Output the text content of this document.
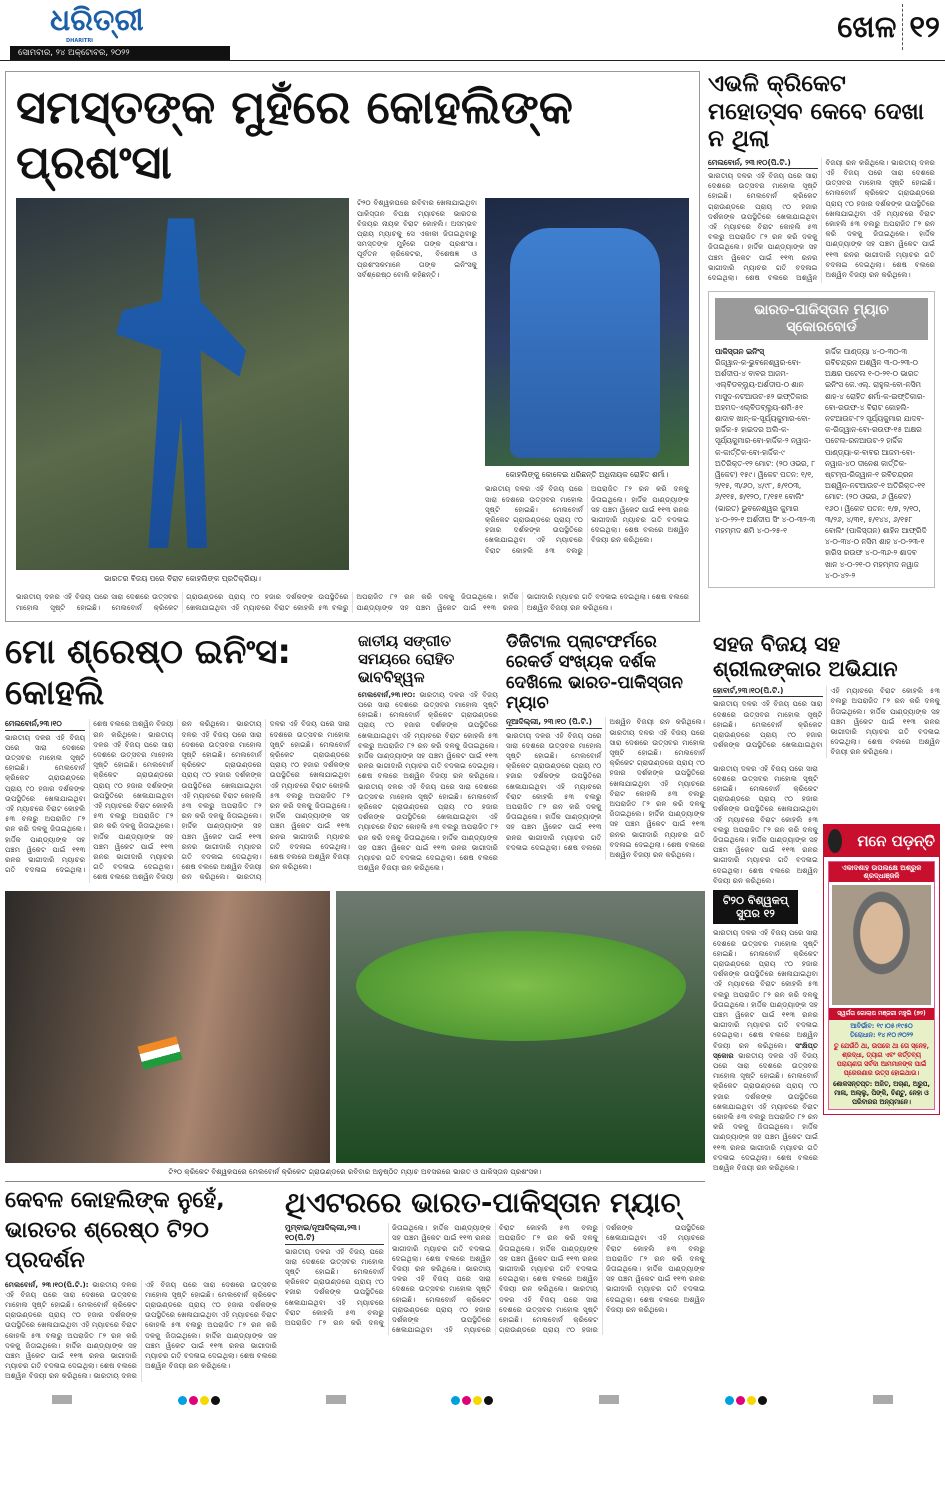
ଧରିତ୍ରୀ
DHARITRI
ସୋମବାର, ୨୪ ଅକ୍ଟୋବର, ୨୦୨୨
ଖେଳ ୧୨
ସମସ୍ତଙ୍କ ମୁହଁରେ କୋହଲିଙ୍କ ପ୍ରଶଂସା
ଭାରତର ବିଜୟ ପରେ ବିରାଟ କୋହଲିଙ୍କ ପ୍ରତିକ୍ରିୟା।
ଟି୨୦ ବିଶ୍ୱକପରେ ରବିବାର ଖେଳାଯାଇଥିବା ପାକିସ୍ତାନ ବିପକ୍ଷ ମ୍ୟାଚରେ ଭାରତର ବିଜୟର ନାୟକ ବିରାଟ କୋହଲି। ଅସମ୍ଭବ ପ୍ରାୟ ମ୍ୟାଚକୁ ସେ ଏକାକୀ ଜିତାଇଥିବାରୁ ସମସ୍ତଙ୍କ ମୁହଁରେ ତାଙ୍କ ପ୍ରଶଂସା। ପୂର୍ବତନ କ୍ରିକେଟର, ବିଶେଷଜ୍ଞ ଓ ପ୍ରଶଂସକମାନେ ତାଙ୍କ ଇନିଂସକୁ ସର୍ବଶ୍ରେଷ୍ଠ ବୋଲି କହିଛନ୍ତି।
କୋହଲିଙ୍କୁ କୋଳେଇ ଧରିଛନ୍ତି ଅଧିନାୟକ ରୋହିତ ଶର୍ମା।
ଭାରତୀୟ ଦଳର ଏହି ବିଜୟ ପରେ ସାରା ଦେଶରେ ଉତ୍ସବର ମାହୋଲ ସୃଷ୍ଟି ହୋଇଛି। ମେଲବୋର୍ନ କ୍ରିକେଟ ଗ୍ରାଉଣ୍ଡରେ ପ୍ରାୟ ୯୦ ହଜାର ଦର୍ଶକଙ୍କ ଉପସ୍ଥିତିରେ ଖେଳାଯାଇଥିବା ଏହି ମ୍ୟାଚରେ ବିରାଟ କୋହଲି ୫୩ ବଲରୁ ଅପରାଜିତ ୮୨ ରନ କରି ଦଳକୁ ଜିତାଇଥିଲେ। ହାର୍ଦ୍ଦିକ ପାଣ୍ଡ୍ୟାଙ୍କ ସହ ପଞ୍ଚମ ୱିକେଟ ପାଇଁ ୧୧୩ ରନର ଭାଗୀଦାରି ମ୍ୟାଚର ଗତି ବଦଳାଇ ଦେଇଥିଲା। ଶେଷ ବଲରେ ଅଶ୍ୱିନ ବିଜୟୀ ରନ କରିଥିଲେ।
ଭାରତୀୟ ଦଳର ଏହି ବିଜୟ ପରେ ସାରା ଦେଶରେ ଉତ୍ସବର ମାହୋଲ ସୃଷ୍ଟି ହୋଇଛି। ମେଲବୋର୍ନ କ୍ରିକେଟ ଗ୍ରାଉଣ୍ଡରେ ପ୍ରାୟ ୯୦ ହଜାର ଦର୍ଶକଙ୍କ ଉପସ୍ଥିତିରେ ଖେଳାଯାଇଥିବା ଏହି ମ୍ୟାଚରେ ବିରାଟ କୋହଲି ୫୩ ବଲରୁ ଅପରାଜିତ ୮୨ ରନ କରି ଦଳକୁ ଜିତାଇଥିଲେ। ହାର୍ଦ୍ଦିକ ପାଣ୍ଡ୍ୟାଙ୍କ ସହ ପଞ୍ଚମ ୱିକେଟ ପାଇଁ ୧୧୩ ରନର ଭାଗୀଦାରି ମ୍ୟାଚର ଗତି ବଦଳାଇ ଦେଇଥିଲା। ଶେଷ ବଲରେ ଅଶ୍ୱିନ ବିଜୟୀ ରନ କରିଥିଲେ।
ଏଭଳି କ୍ରିକେଟ ମହୋତ୍ସବ କେବେ ଦେଖା ନ ଥିଲା
ମେଲବୋର୍ନ, ୨୩।୧୦(ପି.ଟି.)
ଭାରତୀୟ ଦଳର ଏହି ବିଜୟ ପରେ ସାରା ଦେଶରେ ଉତ୍ସବର ମାହୋଲ ସୃଷ୍ଟି ହୋଇଛି। ମେଲବୋର୍ନ କ୍ରିକେଟ ଗ୍ରାଉଣ୍ଡରେ ପ୍ରାୟ ୯୦ ହଜାର ଦର୍ଶକଙ୍କ ଉପସ୍ଥିତିରେ ଖେଳାଯାଇଥିବା ଏହି ମ୍ୟାଚରେ ବିରାଟ କୋହଲି ୫୩ ବଲରୁ ଅପରାଜିତ ୮୨ ରନ କରି ଦଳକୁ ଜିତାଇଥିଲେ। ହାର୍ଦ୍ଦିକ ପାଣ୍ଡ୍ୟାଙ୍କ ସହ ପଞ୍ଚମ ୱିକେଟ ପାଇଁ ୧୧୩ ରନର ଭାଗୀଦାରି ମ୍ୟାଚର ଗତି ବଦଳାଇ ଦେଇଥିଲା। ଶେଷ ବଲରେ ଅଶ୍ୱିନ ବିଜୟୀ ରନ କରିଥିଲେ। ଭାରତୀୟ ଦଳର ଏହି ବିଜୟ ପରେ ସାରା ଦେଶରେ ଉତ୍ସବର ମାହୋଲ ସୃଷ୍ଟି ହୋଇଛି। ମେଲବୋର୍ନ କ୍ରିକେଟ ଗ୍ରାଉଣ୍ଡରେ ପ୍ରାୟ ୯୦ ହଜାର ଦର୍ଶକଙ୍କ ଉପସ୍ଥିତିରେ ଖେଳାଯାଇଥିବା ଏହି ମ୍ୟାଚରେ ବିରାଟ କୋହଲି ୫୩ ବଲରୁ ଅପରାଜିତ ୮୨ ରନ କରି ଦଳକୁ ଜିତାଇଥିଲେ। ହାର୍ଦ୍ଦିକ ପାଣ୍ଡ୍ୟାଙ୍କ ସହ ପଞ୍ଚମ ୱିକେଟ ପାଇଁ ୧୧୩ ରନର ଭାଗୀଦାରି ମ୍ୟାଚର ଗତି ବଦଳାଇ ଦେଇଥିଲା। ଶେଷ ବଲରେ ଅଶ୍ୱିନ ବିଜୟୀ ରନ କରିଥିଲେ।
ଭାରତ-ପାକିସ୍ତାନ ମ୍ୟାଚ ସ୍କୋରବୋର୍ଡ
ପାକିସ୍ତାନ ଇନିଂସ୍
ରିଜ୍ୱାନ-କ-ଭୁବନେଶ୍ୱର-ବୋ-ଅର୍ଶଦୀପ-୪ ବାବର ଆଜମ-ଏଲ୍‌ବିଡବ୍ଲ୍ୟୁ-ଅର୍ଶଦୀପ-୦ ଶାନ ମାସୁଦ-ନଟଆଉଟ-୫୨ ଇଫ୍ତିକାର ଅହମଦ-ଏଲ୍‌ବିଡବ୍ଲ୍ୟୁ-ଶମି-୫୧ ଶାଦାବ ଖାନ୍-କ-ସୂର୍ଯ୍ୟକୁମାର-ବୋ-ହାର୍ଦ୍ଦିକ-୫ ହାଇଦର ଅଲି-କ-ସୂର୍ଯ୍ୟକୁମାର-ବୋ-ହାର୍ଦ୍ଦିକ-୨ ନୱାଜ-କ-କାର୍ତ୍ତିକ-ବୋ-ହାର୍ଦ୍ଦିକ-୯ ଅତିରିକ୍ତ-୧୨ ମୋଟ: (୨୦ ଓଭର, ୮ ୱିକେଟ) ୧୫୯। ୱିକେଟ ପତନ: ୧/୧, ୨/୧୫, ୩/୬୦, ୪/୯୮, ୫/୧୦୩, ୬/୧୧୫, ୭/୧୨୦, ୮/୧୫୧ ବୋଲିଂ (ଭାରତ) ଭୁବନେଶ୍ୱର କୁମାର ୪-୦-୨୨-୧ ଅର୍ଶଦୀପ ସିଂ ୪-୦-୩୨-୩ ମହମ୍ମଦ ଶମି ୪-୦-୨୫-୧
ହାର୍ଦ୍ଦିକ ପାଣ୍ଡ୍ୟା ୪-୦-୩୦-୩ ରବିଚନ୍ଦ୍ରନ ଅଶ୍ୱିନ ୩-୦-୨୩-୦ ଅକ୍ଷର ପଟେଲ ୧-୦-୨୧-୦ ଭାରତ ଇନିଂସ କେ.ଏଲ୍. ରାହୁଲ-ବୋ-ନସିମ ଶାହ-୪ ରୋହିତ ଶର୍ମା-କ-ଇଫ୍ତିକାର-ବୋ-ରଉଫ-୪ ବିରାଟ କୋହଲି-ନଟଆଉଟ-୮୨ ସୂର୍ଯ୍ୟକୁମାର ଯାଦବ-କ-ରିଜ୍ୱାନ-ବୋ-ରଉଫ-୧୫ ଅକ୍ଷର ପଟେଲ-ରନଆଉଟ-୨ ହାର୍ଦ୍ଦିକ ପାଣ୍ଡ୍ୟା-କ-ବାବର ଆଜମ-ବୋ-ନୱାଜ-୪୦ ଦୀନେଶ କାର୍ତ୍ତିକ-ଷ୍ଟମ୍ପ-ରିଜ୍ୱାନ-୧ ରବିଚନ୍ଦ୍ରନ ଅଶ୍ୱିନ-ନଟଆଉଟ-୧ ଅତିରିକ୍ତ-୧୧ ମୋଟ: (୨୦ ଓଭର, ୬ ୱିକେଟ) ୧୬୦। ୱିକେଟ ପତନ: ୧/୭, ୨/୧୦, ୩/୨୬, ୪/୩୧, ୫/୧୪୪, ୬/୧୫୮ ବୋଲିଂ (ପାକିସ୍ତାନ) ଶାହିନ ଆଫ୍ରିଦି ୪-୦-୩୪-୦ ନସିମ ଶାହ ୪-୦-୨୩-୧ ହାରିସ ରଉଫ ୪-୦-୩୬-୨ ଶାଦବ ଖାନ ୪-୦-୨୧-୦ ମହମ୍ମଦ ନୱାଜ ୪-୦-୪୨-୨
ମୋ ଶ୍ରେଷ୍ଠ ଇନିଂସ: କୋହଲି
ମେଲବୋର୍ନ,୨୩।୧୦
ଭାରତୀୟ ଦଳର ଏହି ବିଜୟ ପରେ ସାରା ଦେଶରେ ଉତ୍ସବର ମାହୋଲ ସୃଷ୍ଟି ହୋଇଛି। ମେଲବୋର୍ନ କ୍ରିକେଟ ଗ୍ରାଉଣ୍ଡରେ ପ୍ରାୟ ୯୦ ହଜାର ଦର୍ଶକଙ୍କ ଉପସ୍ଥିତିରେ ଖେଳାଯାଇଥିବା ଏହି ମ୍ୟାଚରେ ବିରାଟ କୋହଲି ୫୩ ବଲରୁ ଅପରାଜିତ ୮୨ ରନ କରି ଦଳକୁ ଜିତାଇଥିଲେ। ହାର୍ଦ୍ଦିକ ପାଣ୍ଡ୍ୟାଙ୍କ ସହ ପଞ୍ଚମ ୱିକେଟ ପାଇଁ ୧୧୩ ରନର ଭାଗୀଦାରି ମ୍ୟାଚର ଗତି ବଦଳାଇ ଦେଇଥିଲା। ଶେଷ ବଲରେ ଅଶ୍ୱିନ ବିଜୟୀ ରନ କରିଥିଲେ। ଭାରତୀୟ ଦଳର ଏହି ବିଜୟ ପରେ ସାରା ଦେଶରେ ଉତ୍ସବର ମାହୋଲ ସୃଷ୍ଟି ହୋଇଛି। ମେଲବୋର୍ନ କ୍ରିକେଟ ଗ୍ରାଉଣ୍ଡରେ ପ୍ରାୟ ୯୦ ହଜାର ଦର୍ଶକଙ୍କ ଉପସ୍ଥିତିରେ ଖେଳାଯାଇଥିବା ଏହି ମ୍ୟାଚରେ ବିରାଟ କୋହଲି ୫୩ ବଲରୁ ଅପରାଜିତ ୮୨ ରନ କରି ଦଳକୁ ଜିତାଇଥିଲେ। ହାର୍ଦ୍ଦିକ ପାଣ୍ଡ୍ୟାଙ୍କ ସହ ପଞ୍ଚମ ୱିକେଟ ପାଇଁ ୧୧୩ ରନର ଭାଗୀଦାରି ମ୍ୟାଚର ଗତି ବଦଳାଇ ଦେଇଥିଲା। ଶେଷ ବଲରେ ଅଶ୍ୱିନ ବିଜୟୀ ରନ କରିଥିଲେ। ଭାରତୀୟ ଦଳର ଏହି ବିଜୟ ପରେ ସାରା ଦେଶରେ ଉତ୍ସବର ମାହୋଲ ସୃଷ୍ଟି ହୋଇଛି। ମେଲବୋର୍ନ କ୍ରିକେଟ ଗ୍ରାଉଣ୍ଡରେ ପ୍ରାୟ ୯୦ ହଜାର ଦର୍ଶକଙ୍କ ଉପସ୍ଥିତିରେ ଖେଳାଯାଇଥିବା ଏହି ମ୍ୟାଚରେ ବିରାଟ କୋହଲି ୫୩ ବଲରୁ ଅପରାଜିତ ୮୨ ରନ କରି ଦଳକୁ ଜିତାଇଥିଲେ। ହାର୍ଦ୍ଦିକ ପାଣ୍ଡ୍ୟାଙ୍କ ସହ ପଞ୍ଚମ ୱିକେଟ ପାଇଁ ୧୧୩ ରନର ଭାଗୀଦାରି ମ୍ୟାଚର ଗତି ବଦଳାଇ ଦେଇଥିଲା। ଶେଷ ବଲରେ ଅଶ୍ୱିନ ବିଜୟୀ ରନ କରିଥିଲେ। ଭାରତୀୟ ଦଳର ଏହି ବିଜୟ ପରେ ସାରା ଦେଶରେ ଉତ୍ସବର ମାହୋଲ ସୃଷ୍ଟି ହୋଇଛି। ମେଲବୋର୍ନ କ୍ରିକେଟ ଗ୍ରାଉଣ୍ଡରେ ପ୍ରାୟ ୯୦ ହଜାର ଦର୍ଶକଙ୍କ ଉପସ୍ଥିତିରେ ଖେଳାଯାଇଥିବା ଏହି ମ୍ୟାଚରେ ବିରାଟ କୋହଲି ୫୩ ବଲରୁ ଅପରାଜିତ ୮୨ ରନ କରି ଦଳକୁ ଜିତାଇଥିଲେ। ହାର୍ଦ୍ଦିକ ପାଣ୍ଡ୍ୟାଙ୍କ ସହ ପଞ୍ଚମ ୱିକେଟ ପାଇଁ ୧୧୩ ରନର ଭାଗୀଦାରି ମ୍ୟାଚର ଗତି ବଦଳାଇ ଦେଇଥିଲା। ଶେଷ ବଲରେ ଅଶ୍ୱିନ ବିଜୟୀ ରନ କରିଥିଲେ।
ଜାତୀୟ ସଙ୍ଗୀତ ସମୟରେ ରୋହିତ ଭାବବିହ୍ୱଳ
ମେଲବୋର୍ନ,୨୩।୧୦: ଭାରତୀୟ ଦଳର ଏହି ବିଜୟ ପରେ ସାରା ଦେଶରେ ଉତ୍ସବର ମାହୋଲ ସୃଷ୍ଟି ହୋଇଛି। ମେଲବୋର୍ନ କ୍ରିକେଟ ଗ୍ରାଉଣ୍ଡରେ ପ୍ରାୟ ୯୦ ହଜାର ଦର୍ଶକଙ୍କ ଉପସ୍ଥିତିରେ ଖେଳାଯାଇଥିବା ଏହି ମ୍ୟାଚରେ ବିରାଟ କୋହଲି ୫୩ ବଲରୁ ଅପରାଜିତ ୮୨ ରନ କରି ଦଳକୁ ଜିତାଇଥିଲେ। ହାର୍ଦ୍ଦିକ ପାଣ୍ଡ୍ୟାଙ୍କ ସହ ପଞ୍ଚମ ୱିକେଟ ପାଇଁ ୧୧୩ ରନର ଭାଗୀଦାରି ମ୍ୟାଚର ଗତି ବଦଳାଇ ଦେଇଥିଲା। ଶେଷ ବଲରେ ଅଶ୍ୱିନ ବିଜୟୀ ରନ କରିଥିଲେ। ଭାରତୀୟ ଦଳର ଏହି ବିଜୟ ପରେ ସାରା ଦେଶରେ ଉତ୍ସବର ମାହୋଲ ସୃଷ୍ଟି ହୋଇଛି। ମେଲବୋର୍ନ କ୍ରିକେଟ ଗ୍ରାଉଣ୍ଡରେ ପ୍ରାୟ ୯୦ ହଜାର ଦର୍ଶକଙ୍କ ଉପସ୍ଥିତିରେ ଖେଳାଯାଇଥିବା ଏହି ମ୍ୟାଚରେ ବିରାଟ କୋହଲି ୫୩ ବଲରୁ ଅପରାଜିତ ୮୨ ରନ କରି ଦଳକୁ ଜିତାଇଥିଲେ। ହାର୍ଦ୍ଦିକ ପାଣ୍ଡ୍ୟାଙ୍କ ସହ ପଞ୍ଚମ ୱିକେଟ ପାଇଁ ୧୧୩ ରନର ଭାଗୀଦାରି ମ୍ୟାଚର ଗତି ବଦଳାଇ ଦେଇଥିଲା। ଶେଷ ବଲରେ ଅଶ୍ୱିନ ବିଜୟୀ ରନ କରିଥିଲେ।
ଡିଜିଟାଲ ପ୍ଲାଟଫର୍ମରେ ରେକର୍ଡ ସଂଖ୍ୟକ ଦର୍ଶକ ଦେଖିଲେ ଭାରତ-ପାକିସ୍ତାନ ମ୍ୟାଚ
ନୂଆଦିଲ୍ଲୀ, ୨୩।୧୦ (ପି.ଟି.)
ଭାରତୀୟ ଦଳର ଏହି ବିଜୟ ପରେ ସାରା ଦେଶରେ ଉତ୍ସବର ମାହୋଲ ସୃଷ୍ଟି ହୋଇଛି। ମେଲବୋର୍ନ କ୍ରିକେଟ ଗ୍ରାଉଣ୍ଡରେ ପ୍ରାୟ ୯୦ ହଜାର ଦର୍ଶକଙ୍କ ଉପସ୍ଥିତିରେ ଖେଳାଯାଇଥିବା ଏହି ମ୍ୟାଚରେ ବିରାଟ କୋହଲି ୫୩ ବଲରୁ ଅପରାଜିତ ୮୨ ରନ କରି ଦଳକୁ ଜିତାଇଥିଲେ। ହାର୍ଦ୍ଦିକ ପାଣ୍ଡ୍ୟାଙ୍କ ସହ ପଞ୍ଚମ ୱିକେଟ ପାଇଁ ୧୧୩ ରନର ଭାଗୀଦାରି ମ୍ୟାଚର ଗତି ବଦଳାଇ ଦେଇଥିଲା। ଶେଷ ବଲରେ ଅଶ୍ୱିନ ବିଜୟୀ ରନ କରିଥିଲେ। ଭାରତୀୟ ଦଳର ଏହି ବିଜୟ ପରେ ସାରା ଦେଶରେ ଉତ୍ସବର ମାହୋଲ ସୃଷ୍ଟି ହୋଇଛି। ମେଲବୋର୍ନ କ୍ରିକେଟ ଗ୍ରାଉଣ୍ଡରେ ପ୍ରାୟ ୯୦ ହଜାର ଦର୍ଶକଙ୍କ ଉପସ୍ଥିତିରେ ଖେଳାଯାଇଥିବା ଏହି ମ୍ୟାଚରେ ବିରାଟ କୋହଲି ୫୩ ବଲରୁ ଅପରାଜିତ ୮୨ ରନ କରି ଦଳକୁ ଜିତାଇଥିଲେ। ହାର୍ଦ୍ଦିକ ପାଣ୍ଡ୍ୟାଙ୍କ ସହ ପଞ୍ଚମ ୱିକେଟ ପାଇଁ ୧୧୩ ରନର ଭାଗୀଦାରି ମ୍ୟାଚର ଗତି ବଦଳାଇ ଦେଇଥିଲା। ଶେଷ ବଲରେ ଅଶ୍ୱିନ ବିଜୟୀ ରନ କରିଥିଲେ।
ଟି୨୦ କ୍ରିକେଟ ବିଶ୍ୱକପରେ ମେଲବୋର୍ନ କ୍ରିକେଟ ଗ୍ରାଉଣ୍ଡରେ ରବିବାର ଅନୁଷ୍ଠିତ ମ୍ୟାଚ ଅବସରରେ ଭାରତ ଓ ପାକିସ୍ତାନ ପ୍ରଶଂସକ।
କେବଳ କୋହଲିଙ୍କ ନୁହେଁ, ଭାରତର ଶ୍ରେଷ୍ଠ ଟି୨୦ ପ୍ରଦର୍ଶନ
ମେଲବୋର୍ନ, ୨୩।୧୦(ପି.ଟି.): ଭାରତୀୟ ଦଳର ଏହି ବିଜୟ ପରେ ସାରା ଦେଶରେ ଉତ୍ସବର ମାହୋଲ ସୃଷ୍ଟି ହୋଇଛି। ମେଲବୋର୍ନ କ୍ରିକେଟ ଗ୍ରାଉଣ୍ଡରେ ପ୍ରାୟ ୯୦ ହଜାର ଦର୍ଶକଙ୍କ ଉପସ୍ଥିତିରେ ଖେଳାଯାଇଥିବା ଏହି ମ୍ୟାଚରେ ବିରାଟ କୋହଲି ୫୩ ବଲରୁ ଅପରାଜିତ ୮୨ ରନ କରି ଦଳକୁ ଜିତାଇଥିଲେ। ହାର୍ଦ୍ଦିକ ପାଣ୍ଡ୍ୟାଙ୍କ ସହ ପଞ୍ଚମ ୱିକେଟ ପାଇଁ ୧୧୩ ରନର ଭାଗୀଦାରି ମ୍ୟାଚର ଗତି ବଦଳାଇ ଦେଇଥିଲା। ଶେଷ ବଲରେ ଅଶ୍ୱିନ ବିଜୟୀ ରନ କରିଥିଲେ। ଭାରତୀୟ ଦଳର ଏହି ବିଜୟ ପରେ ସାରା ଦେଶରେ ଉତ୍ସବର ମାହୋଲ ସୃଷ୍ଟି ହୋଇଛି। ମେଲବୋର୍ନ କ୍ରିକେଟ ଗ୍ରାଉଣ୍ଡରେ ପ୍ରାୟ ୯୦ ହଜାର ଦର୍ଶକଙ୍କ ଉପସ୍ଥିତିରେ ଖେଳାଯାଇଥିବା ଏହି ମ୍ୟାଚରେ ବିରାଟ କୋହଲି ୫୩ ବଲରୁ ଅପରାଜିତ ୮୨ ରନ କରି ଦଳକୁ ଜିତାଇଥିଲେ। ହାର୍ଦ୍ଦିକ ପାଣ୍ଡ୍ୟାଙ୍କ ସହ ପଞ୍ଚମ ୱିକେଟ ପାଇଁ ୧୧୩ ରନର ଭାଗୀଦାରି ମ୍ୟାଚର ଗତି ବଦଳାଇ ଦେଇଥିଲା। ଶେଷ ବଲରେ ଅଶ୍ୱିନ ବିଜୟୀ ରନ କରିଥିଲେ।
ଥିଏଟରରେ ଭାରତ-ପାକିସ୍ତାନ ମ୍ୟାଚ୍
ମୁମ୍ବାଇ/ନୂଆଦିଲ୍ଲୀ,୨୩।୧୦(ପି.ଟି)
ଭାରତୀୟ ଦଳର ଏହି ବିଜୟ ପରେ ସାରା ଦେଶରେ ଉତ୍ସବର ମାହୋଲ ସୃଷ୍ଟି ହୋଇଛି। ମେଲବୋର୍ନ କ୍ରିକେଟ ଗ୍ରାଉଣ୍ଡରେ ପ୍ରାୟ ୯୦ ହଜାର ଦର୍ଶକଙ୍କ ଉପସ୍ଥିତିରେ ଖେଳାଯାଇଥିବା ଏହି ମ୍ୟାଚରେ ବିରାଟ କୋହଲି ୫୩ ବଲରୁ ଅପରାଜିତ ୮୨ ରନ କରି ଦଳକୁ ଜିତାଇଥିଲେ। ହାର୍ଦ୍ଦିକ ପାଣ୍ଡ୍ୟାଙ୍କ ସହ ପଞ୍ଚମ ୱିକେଟ ପାଇଁ ୧୧୩ ରନର ଭାଗୀଦାରି ମ୍ୟାଚର ଗତି ବଦଳାଇ ଦେଇଥିଲା। ଶେଷ ବଲରେ ଅଶ୍ୱିନ ବିଜୟୀ ରନ କରିଥିଲେ। ଭାରତୀୟ ଦଳର ଏହି ବିଜୟ ପରେ ସାରା ଦେଶରେ ଉତ୍ସବର ମାହୋଲ ସୃଷ୍ଟି ହୋଇଛି। ମେଲବୋର୍ନ କ୍ରିକେଟ ଗ୍ରାଉଣ୍ଡରେ ପ୍ରାୟ ୯୦ ହଜାର ଦର୍ଶକଙ୍କ ଉପସ୍ଥିତିରେ ଖେଳାଯାଇଥିବା ଏହି ମ୍ୟାଚରେ ବିରାଟ କୋହଲି ୫୩ ବଲରୁ ଅପରାଜିତ ୮୨ ରନ କରି ଦଳକୁ ଜିତାଇଥିଲେ। ହାର୍ଦ୍ଦିକ ପାଣ୍ଡ୍ୟାଙ୍କ ସହ ପଞ୍ଚମ ୱିକେଟ ପାଇଁ ୧୧୩ ରନର ଭାଗୀଦାରି ମ୍ୟାଚର ଗତି ବଦଳାଇ ଦେଇଥିଲା। ଶେଷ ବଲରେ ଅଶ୍ୱିନ ବିଜୟୀ ରନ କରିଥିଲେ। ଭାରତୀୟ ଦଳର ଏହି ବିଜୟ ପରେ ସାରା ଦେଶରେ ଉତ୍ସବର ମାହୋଲ ସୃଷ୍ଟି ହୋଇଛି। ମେଲବୋର୍ନ କ୍ରିକେଟ ଗ୍ରାଉଣ୍ଡରେ ପ୍ରାୟ ୯୦ ହଜାର ଦର୍ଶକଙ୍କ ଉପସ୍ଥିତିରେ ଖେଳାଯାଇଥିବା ଏହି ମ୍ୟାଚରେ ବିରାଟ କୋହଲି ୫୩ ବଲରୁ ଅପରାଜିତ ୮୨ ରନ କରି ଦଳକୁ ଜିତାଇଥିଲେ। ହାର୍ଦ୍ଦିକ ପାଣ୍ଡ୍ୟାଙ୍କ ସହ ପଞ୍ଚମ ୱିକେଟ ପାଇଁ ୧୧୩ ରନର ଭାଗୀଦାରି ମ୍ୟାଚର ଗତି ବଦଳାଇ ଦେଇଥିଲା। ଶେଷ ବଲରେ ଅଶ୍ୱିନ ବିଜୟୀ ରନ କରିଥିଲେ।
ସହଜ ବିଜୟ ସହ ଶ୍ରୀଲଙ୍କାର ଅଭିଯାନ
ହୋବାର୍ଟ,୨୩।୧୦(ପି.ଟି.)
ଭାରତୀୟ ଦଳର ଏହି ବିଜୟ ପରେ ସାରା ଦେଶରେ ଉତ୍ସବର ମାହୋଲ ସୃଷ୍ଟି ହୋଇଛି। ମେଲବୋର୍ନ କ୍ରିକେଟ ଗ୍ରାଉଣ୍ଡରେ ପ୍ରାୟ ୯୦ ହଜାର ଦର୍ଶକଙ୍କ ଉପସ୍ଥିତିରେ ଖେଳାଯାଇଥିବା ଏହି ମ୍ୟାଚରେ ବିରାଟ କୋହଲି ୫୩ ବଲରୁ ଅପରାଜିତ ୮୨ ରନ କରି ଦଳକୁ ଜିତାଇଥିଲେ। ହାର୍ଦ୍ଦିକ ପାଣ୍ଡ୍ୟାଙ୍କ ସହ ପଞ୍ଚମ ୱିକେଟ ପାଇଁ ୧୧୩ ରନର ଭାଗୀଦାରି ମ୍ୟାଚର ଗତି ବଦଳାଇ ଦେଇଥିଲା। ଶେଷ ବଲରେ ଅଶ୍ୱିନ ବିଜୟୀ ରନ କରିଥିଲେ।
ଭାରତୀୟ ଦଳର ଏହି ବିଜୟ ପରେ ସାରା ଦେଶରେ ଉତ୍ସବର ମାହୋଲ ସୃଷ୍ଟି ହୋଇଛି। ମେଲବୋର୍ନ କ୍ରିକେଟ ଗ୍ରାଉଣ୍ଡରେ ପ୍ରାୟ ୯୦ ହଜାର ଦର୍ଶକଙ୍କ ଉପସ୍ଥିତିରେ ଖେଳାଯାଇଥିବା ଏହି ମ୍ୟାଚରେ ବିରାଟ କୋହଲି ୫୩ ବଲରୁ ଅପରାଜିତ ୮୨ ରନ କରି ଦଳକୁ ଜିତାଇଥିଲେ। ହାର୍ଦ୍ଦିକ ପାଣ୍ଡ୍ୟାଙ୍କ ସହ ପଞ୍ଚମ ୱିକେଟ ପାଇଁ ୧୧୩ ରନର ଭାଗୀଦାରି ମ୍ୟାଚର ଗତି ବଦଳାଇ ଦେଇଥିଲା। ଶେଷ ବଲରେ ଅଶ୍ୱିନ ବିଜୟୀ ରନ କରିଥିଲେ।
ଟି୨୦ ବିଶ୍ୱକପ୍ ସୁପର ୧୨
ଭାରତୀୟ ଦଳର ଏହି ବିଜୟ ପରେ ସାରା ଦେଶରେ ଉତ୍ସବର ମାହୋଲ ସୃଷ୍ଟି ହୋଇଛି। ମେଲବୋର୍ନ କ୍ରିକେଟ ଗ୍ରାଉଣ୍ଡରେ ପ୍ରାୟ ୯୦ ହଜାର ଦର୍ଶକଙ୍କ ଉପସ୍ଥିତିରେ ଖେଳାଯାଇଥିବା ଏହି ମ୍ୟାଚରେ ବିରାଟ କୋହଲି ୫୩ ବଲରୁ ଅପରାଜିତ ୮୨ ରନ କରି ଦଳକୁ ଜିତାଇଥିଲେ। ହାର୍ଦ୍ଦିକ ପାଣ୍ଡ୍ୟାଙ୍କ ସହ ପଞ୍ଚମ ୱିକେଟ ପାଇଁ ୧୧୩ ରନର ଭାଗୀଦାରି ମ୍ୟାଚର ଗତି ବଦଳାଇ ଦେଇଥିଲା। ଶେଷ ବଲରେ ଅଶ୍ୱିନ ବିଜୟୀ ରନ କରିଥିଲେ। ସଂକ୍ଷିପ୍ତ ସ୍କୋର ଭାରତୀୟ ଦଳର ଏହି ବିଜୟ ପରେ ସାରା ଦେଶରେ ଉତ୍ସବର ମାହୋଲ ସୃଷ୍ଟି ହୋଇଛି। ମେଲବୋର୍ନ କ୍ରିକେଟ ଗ୍ରାଉଣ୍ଡରେ ପ୍ରାୟ ୯୦ ହଜାର ଦର୍ଶକଙ୍କ ଉପସ୍ଥିତିରେ ଖେଳାଯାଇଥିବା ଏହି ମ୍ୟାଚରେ ବିରାଟ କୋହଲି ୫୩ ବଲରୁ ଅପରାଜିତ ୮୨ ରନ କରି ଦଳକୁ ଜିତାଇଥିଲେ। ହାର୍ଦ୍ଦିକ ପାଣ୍ଡ୍ୟାଙ୍କ ସହ ପଞ୍ଚମ ୱିକେଟ ପାଇଁ ୧୧୩ ରନର ଭାଗୀଦାରି ମ୍ୟାଚର ଗତି ବଦଳାଇ ଦେଇଥିଲା। ଶେଷ ବଲରେ ଅଶ୍ୱିନ ବିଜୟୀ ରନ କରିଥିଲେ।
ମନେ ପଡ଼ନ୍ତି
ଏକାଦଶାହ ଉପଲକ୍ଷେ ଅଶ୍ରୁଳ ଶ୍ରଦ୍ଧାଞ୍ଜଳି
ସ୍ୱର୍ଗତା ଗୋଲାପ ମଞ୍ଜରୀ ମହୁଲି (୭୨)
ଆବିର୍ଭାବ: ୧୯।୦୫।୧୯୫୦
ତିରୋଧାନ: ୧୪।୧୦।୨୦୨୨
ତୁ ଯେଉଁଠି ଥା, ଉପରେ ଥା ତୋ ସ୍ନେହ, ଶ୍ରଦ୍ଧା, ତ୍ୟାଗ ଏବଂ କର୍ତ୍ତବ୍ୟ ପରାୟଣତା ସର୍ବଦା ଆମମାନଙ୍କ ପାଇଁ ପ୍ରେରଣାର ଉତ୍ସ ହୋଇଥାଉ।
ଶୋକସନ୍ତପ୍ତ: ଅଜିତ, ଅଚାଣ, ଅରୁପ, ମାଳା, ଅଲ୍ଲୁ, ପିଙ୍କି, ଚିଣ୍ଟୁ, ନେହା ଓ ପରିବାରର ଅନ୍ୟମାନେ।
